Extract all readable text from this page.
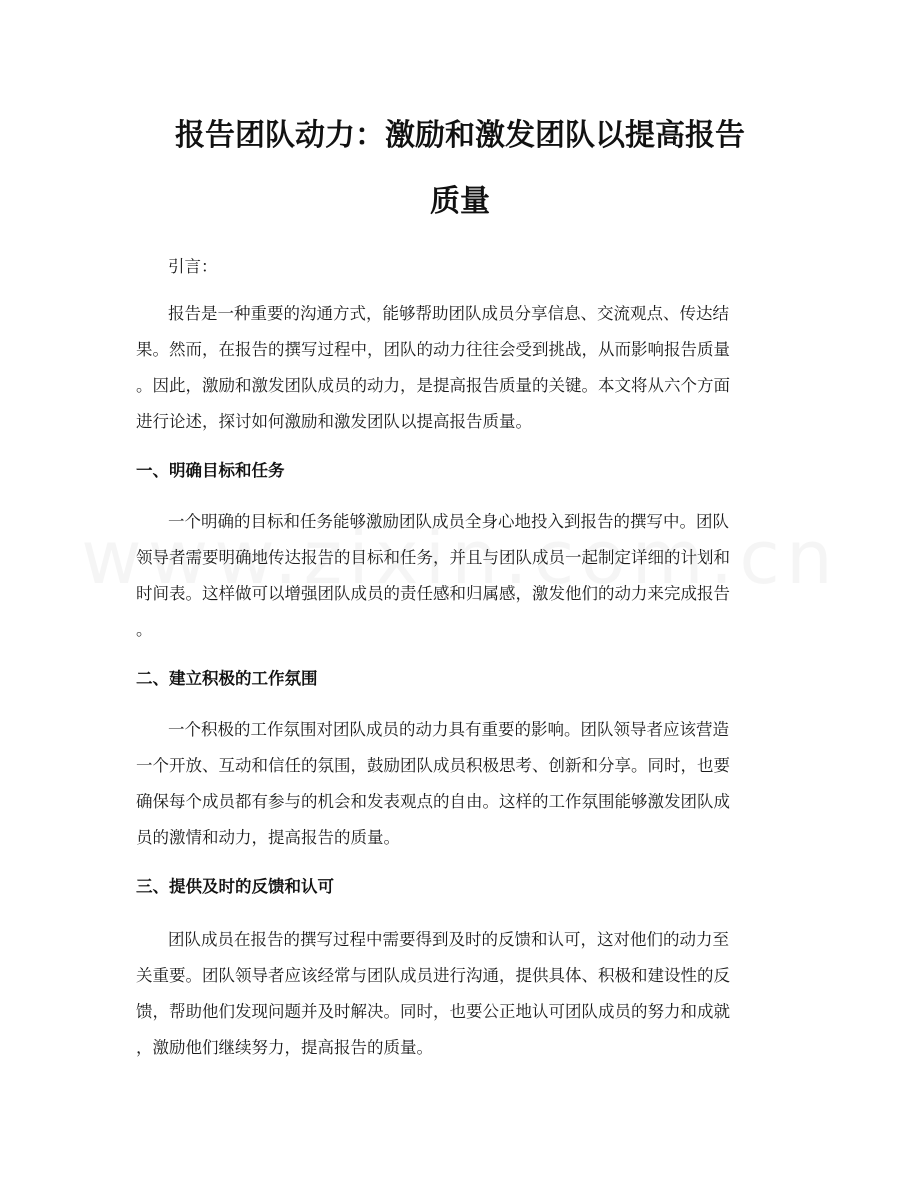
报告团队动力：激励和激发团队以提高报告
质量
引言：
报告是一种重要的沟通方式，能够帮助团队成员分享信息、交流观点、传达结
果。然而，在报告的撰写过程中，团队的动力往往会受到挑战，从而影响报告质量
。因此，激励和激发团队成员的动力，是提高报告质量的关键。本文将从六个方面
进行论述，探讨如何激励和激发团队以提高报告质量。
一、明确目标和任务
一个明确的目标和任务能够激励团队成员全身心地投入到报告的撰写中。团队
领导者需要明确地传达报告的目标和任务，并且与团队成员一起制定详细的计划和
时间表。这样做可以增强团队成员的责任感和归属感，激发他们的动力来完成报告
。
二、建立积极的工作氛围
一个积极的工作氛围对团队成员的动力具有重要的影响。团队领导者应该营造
一个开放、互动和信任的氛围，鼓励团队成员积极思考、创新和分享。同时，也要
确保每个成员都有参与的机会和发表观点的自由。这样的工作氛围能够激发团队成
员的激情和动力，提高报告的质量。
三、提供及时的反馈和认可
团队成员在报告的撰写过程中需要得到及时的反馈和认可，这对他们的动力至
关重要。团队领导者应该经常与团队成员进行沟通，提供具体、积极和建设性的反
馈，帮助他们发现问题并及时解决。同时，也要公正地认可团队成员的努力和成就
，激励他们继续努力，提高报告的质量。
